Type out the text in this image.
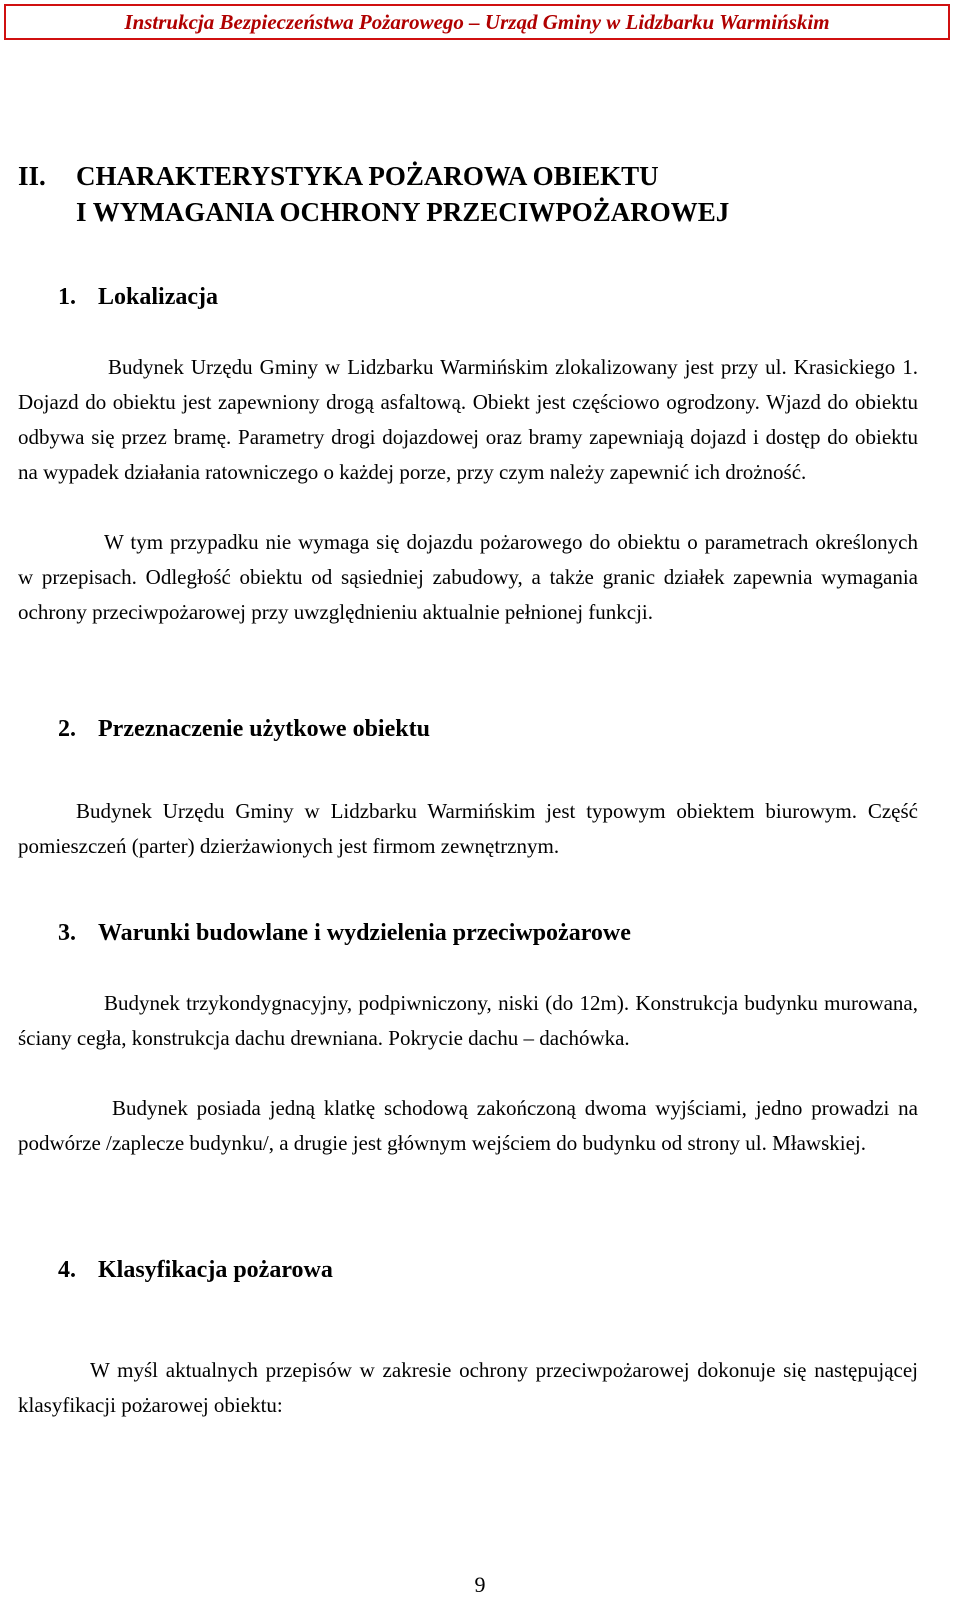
Instrukcja Bezpieczeństwa Pożarowego – Urząd Gminy w Lidzbarku Warmińskim
II. CHARAKTERYSTYKA POŻAROWA OBIEKTU
I WYMAGANIA OCHRONY PRZECIWPOŻAROWEJ
1. Lokalizacja
Budynek Urzędu Gminy w Lidzbarku Warmińskim zlokalizowany jest przy ul. Krasickiego 1. Dojazd do obiektu jest zapewniony drogą asfaltową. Obiekt jest częściowo ogrodzony. Wjazd do obiektu odbywa się przez bramę. Parametry drogi dojazdowej oraz bramy zapewniają dojazd i dostęp do obiektu na wypadek działania ratowniczego o każdej porze, przy czym należy zapewnić ich drożność.
W tym przypadku nie wymaga się dojazdu pożarowego do obiektu o parametrach określonych w przepisach. Odległość obiektu od sąsiedniej zabudowy, a także granic działek zapewnia wymagania ochrony przeciwpożarowej przy uwzględnieniu aktualnie pełnionej funkcji.
2. Przeznaczenie użytkowe obiektu
Budynek Urzędu Gminy w Lidzbarku Warmińskim jest typowym obiektem biurowym. Część pomieszczeń (parter) dzierżawionych jest firmom zewnętrznym.
3. Warunki budowlane i wydzielenia przeciwpożarowe
Budynek trzykondygnacyjny, podpiwniczony, niski (do 12m). Konstrukcja budynku murowana, ściany cegła, konstrukcja dachu drewniana. Pokrycie dachu – dachówka.
Budynek posiada jedną klatkę schodową zakończoną dwoma wyjściami, jedno prowadzi na podwórze /zaplecze budynku/, a drugie jest głównym wejściem do budynku od strony ul. Mławskiej.
4. Klasyfikacja pożarowa
W myśl aktualnych przepisów w zakresie ochrony przeciwpożarowej dokonuje się następującej klasyfikacji pożarowej obiektu:
9
